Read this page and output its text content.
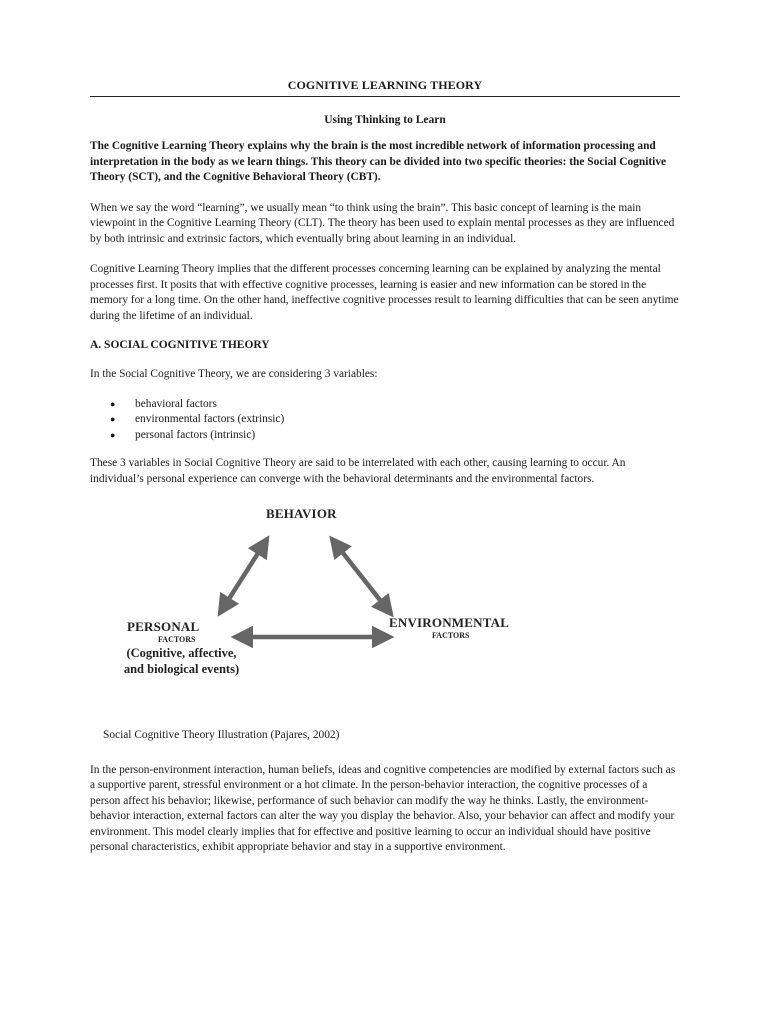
COGNITIVE LEARNING THEORY

Using Thinking to Learn

The Cognitive Learning Theory explains why the brain is the most incredible network of information processing and interpretation in the body as we learn things. This theory can be divided into two specific theories: the Social Cognitive Theory (SCT), and the Cognitive Behavioral Theory (CBT).

When we say the word “learning”, we usually mean “to think using the brain”. This basic concept of learning is the main viewpoint in the Cognitive Learning Theory (CLT). The theory has been used to explain mental processes as they are influenced by both intrinsic and extrinsic factors, which eventually bring about learning in an individual.

Cognitive Learning Theory implies that the different processes concerning learning can be explained by analyzing the mental processes first. It posits that with effective cognitive processes, learning is easier and new information can be stored in the memory for a long time. On the other hand, ineffective cognitive processes result to learning difficulties that can be seen anytime during the lifetime of an individual.

A. SOCIAL COGNITIVE THEORY

In the Social Cognitive Theory, we are considering 3 variables:

● behavioral factors
● environmental factors (extrinsic)
● personal factors (intrinsic)

These 3 variables in Social Cognitive Theory are said to be interrelated with each other, causing learning to occur. An individual’s personal experience can converge with the behavioral determinants and the environmental factors.

BEHAVIOR
PERSONAL
FACTORS
(Cognitive, affective,
and biological events)
ENVIRONMENTAL
FACTORS

Social Cognitive Theory Illustration (Pajares, 2002)

In the person-environment interaction, human beliefs, ideas and cognitive competencies are modified by external factors such as a supportive parent, stressful environment or a hot climate. In the person-behavior interaction, the cognitive processes of a person affect his behavior; likewise, performance of such behavior can modify the way he thinks. Lastly, the environment-behavior interaction, external factors can alter the way you display the behavior. Also, your behavior can affect and modify your environment. This model clearly implies that for effective and positive learning to occur an individual should have positive personal characteristics, exhibit appropriate behavior and stay in a supportive environment.
